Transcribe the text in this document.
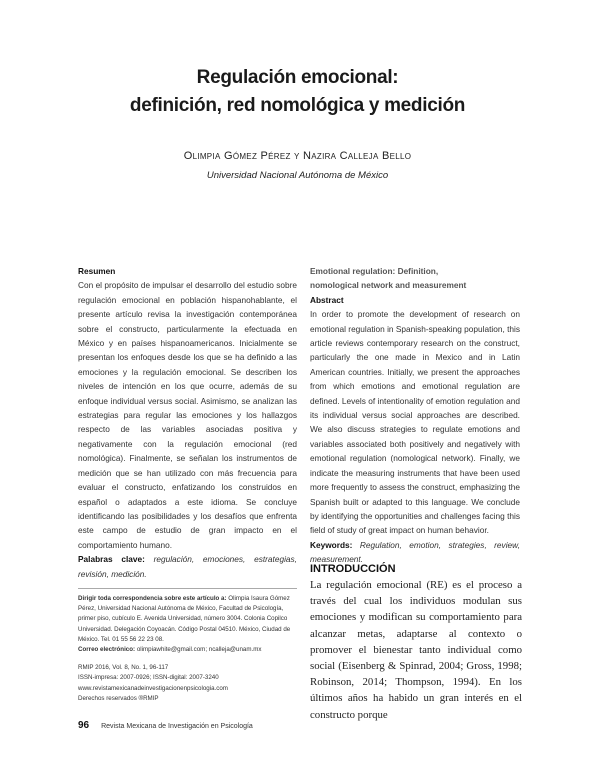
Regulación emocional:
definición, red nomológica y medición
Olimpia Gómez Pérez y Nazira Calleja Bello
Universidad Nacional Autónoma de México
Resumen
Con el propósito de impulsar el desarrollo del estudio sobre regulación emocional en población hispanohablante, el presente artículo revisa la investigación contemporánea sobre el constructo, particularmente la efectuada en México y en países hispanoamericanos. Inicialmente se presentan los enfoques desde los que se ha definido a las emociones y la regulación emocional. Se describen los niveles de intención en los que ocurre, además de su enfoque individual versus social. Asimismo, se analizan las estrategias para regular las emociones y los hallazgos respecto de las variables asociadas positiva y negativamente con la regulación emocional (red nomológica). Finalmente, se señalan los instrumentos de medición que se han utilizado con más frecuencia para evaluar el constructo, enfatizando los construidos en español o adaptados a este idioma. Se concluye identificando las posibilidades y los desafíos que enfrenta este campo de estudio de gran impacto en el comportamiento humano.
Palabras clave: regulación, emociones, estrategias, revisión, medición.
Emotional regulation: Definition,
nomological network and measurement
Abstract
In order to promote the development of research on emotional regulation in Spanish-speaking population, this article reviews contemporary research on the construct, particularly the one made in Mexico and in Latin American countries. Initially, we present the approaches from which emotions and emotional regulation are defined. Levels of intentionality of emotion regulation and its individual versus social approaches are described. We also discuss strategies to regulate emotions and variables associated both positively and negatively with emotional regulation (nomological network). Finally, we indicate the measuring instruments that have been used more frequently to assess the construct, emphasizing the Spanish built or adapted to this language. We conclude by identifying the opportunities and challenges facing this field of study of great impact on human behavior.
Keywords: Regulation, emotion, strategies, review, measurement.
Dirigir toda correspondencia sobre este artículo a: Olimpia Isaura Gómez Pérez, Universidad Nacional Autónoma de México, Facultad de Psicología, primer piso, cubículo E. Avenida Universidad, número 3004. Colonia Copilco Universidad. Delegación Coyoacán. Código Postal 04510. México, Ciudad de México. Tel. 01 55 56 22 23 08.
Correo electrónico: olimpiawhite@gmail.com; ncalleja@unam.mx
RMIP 2016, Vol. 8, No. 1, 96-117
ISSN-impresa: 2007-0926; ISSN-digital: 2007-3240
www.revistamexicanadeinvestigacionenpsicologia.com
Derechos reservados ®RMIP
INTRODUCCIÓN
La regulación emocional (RE) es el proceso a través del cual los individuos modulan sus emociones y modifican su comportamiento para alcanzar metas, adaptarse al contexto o promover el bienestar tanto individual como social (Eisenberg & Spinrad, 2004; Gross, 1998; Robinson, 2014; Thompson, 1994). En los últimos años ha habido un gran interés en el constructo porque
96 Revista Mexicana de Investigación en Psicología
